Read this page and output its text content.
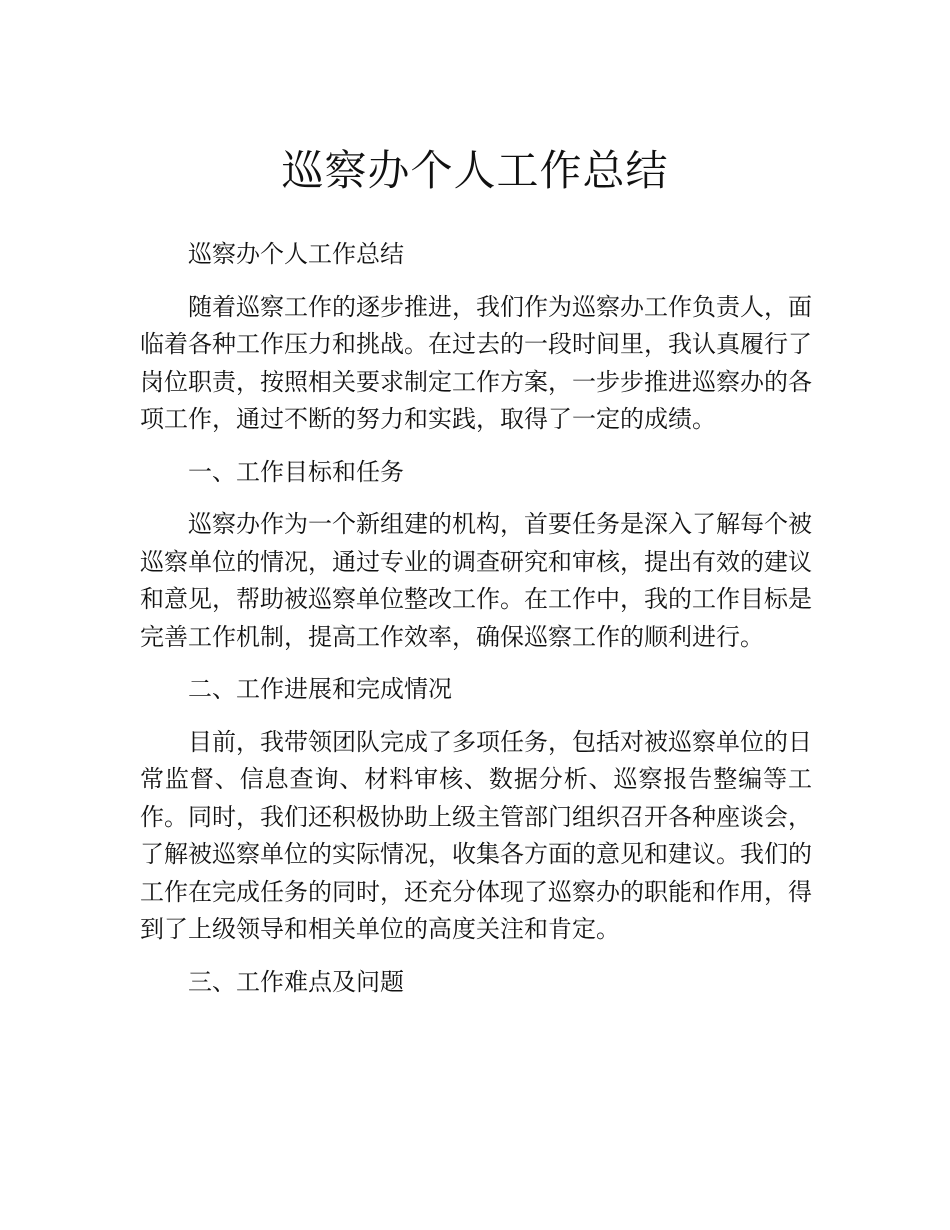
巡察办个人工作总结

巡察办个人工作总结

随着巡察工作的逐步推进，我们作为巡察办工作负责人，面临着各种工作压力和挑战。在过去的一段时间里，我认真履行了岗位职责，按照相关要求制定工作方案，一步步推进巡察办的各项工作，通过不断的努力和实践，取得了一定的成绩。

一、工作目标和任务

巡察办作为一个新组建的机构，首要任务是深入了解每个被巡察单位的情况，通过专业的调查研究和审核，提出有效的建议和意见，帮助被巡察单位整改工作。在工作中，我的工作目标是完善工作机制，提高工作效率，确保巡察工作的顺利进行。

二、工作进展和完成情况

目前，我带领团队完成了多项任务，包括对被巡察单位的日常监督、信息查询、材料审核、数据分析、巡察报告整编等工作。同时，我们还积极协助上级主管部门组织召开各种座谈会，了解被巡察单位的实际情况，收集各方面的意见和建议。我们的工作在完成任务的同时，还充分体现了巡察办的职能和作用，得到了上级领导和相关单位的高度关注和肯定。

三、工作难点及问题
